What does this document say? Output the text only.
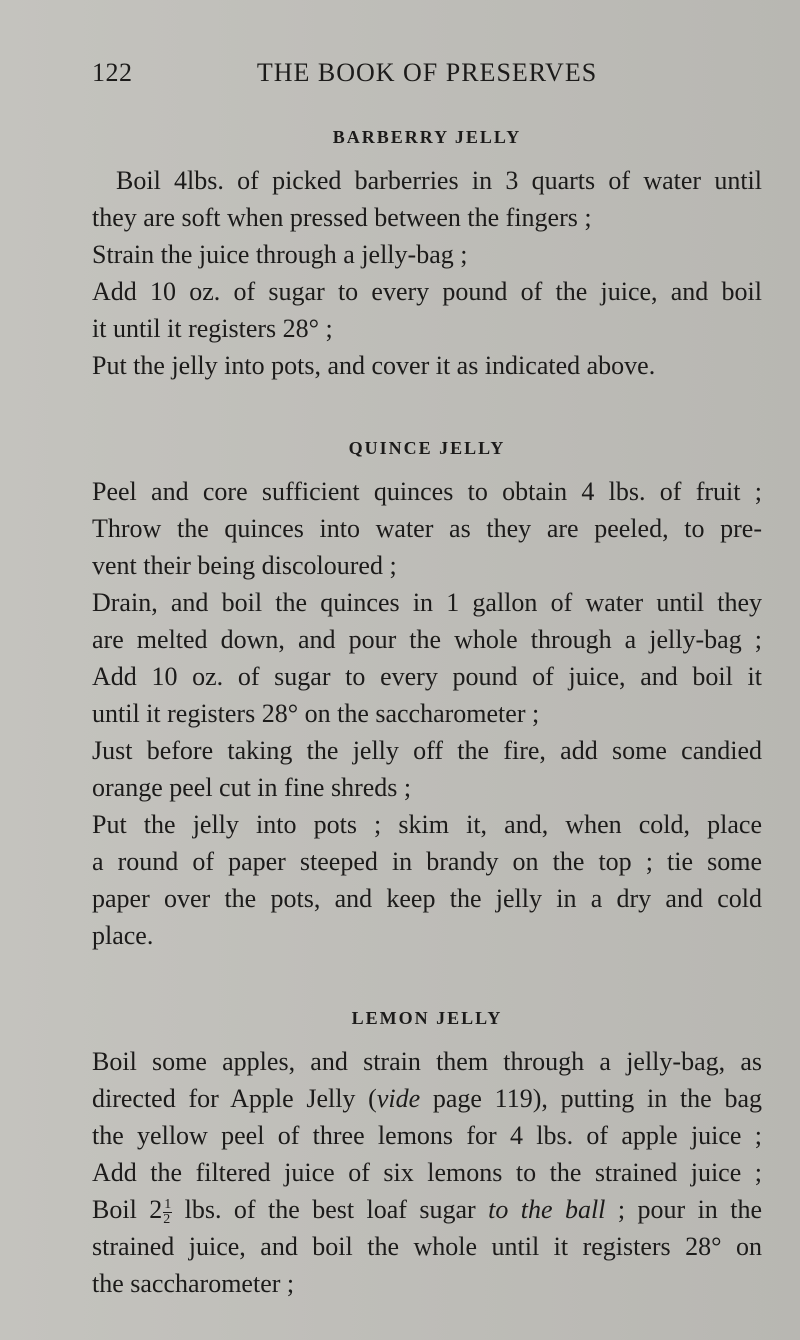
122	THE BOOK OF PRESERVES
BARBERRY JELLY
Boil 4lbs. of picked barberries in 3 quarts of water until
they are soft when pressed between the fingers ;
Strain the juice through a jelly-bag ;
Add 10 oz. of sugar to every pound of the juice, and boil
it until it registers 28° ;
Put the jelly into pots, and cover it as indicated above.
QUINCE JELLY
Peel and core sufficient quinces to obtain 4 lbs. of fruit ;
Throw the quinces into water as they are peeled, to pre-
vent their being discoloured ;
Drain, and boil the quinces in 1 gallon of water until they
are melted down, and pour the whole through a jelly-bag ;
Add 10 oz. of sugar to every pound of juice, and boil it
until it registers 28° on the saccharometer ;
Just before taking the jelly off the fire, add some candied
orange peel cut in fine shreds ;
Put the jelly into pots ; skim it, and, when cold, place
a round of paper steeped in brandy on the top ; tie some
paper over the pots, and keep the jelly in a dry and cold
place.
LEMON JELLY
Boil some apples, and strain them through a jelly-bag, as
directed for Apple Jelly (vide page 119), putting in the bag
the yellow peel of three lemons for 4 lbs. of apple juice ;
Add the filtered juice of six lemons to the strained juice ;
Boil $2 \frac{1}{2}$ lbs. of the best loaf sugar to the ball ; pour in the
strained juice, and boil the whole until it registers 28° on
the saccharometer ;
